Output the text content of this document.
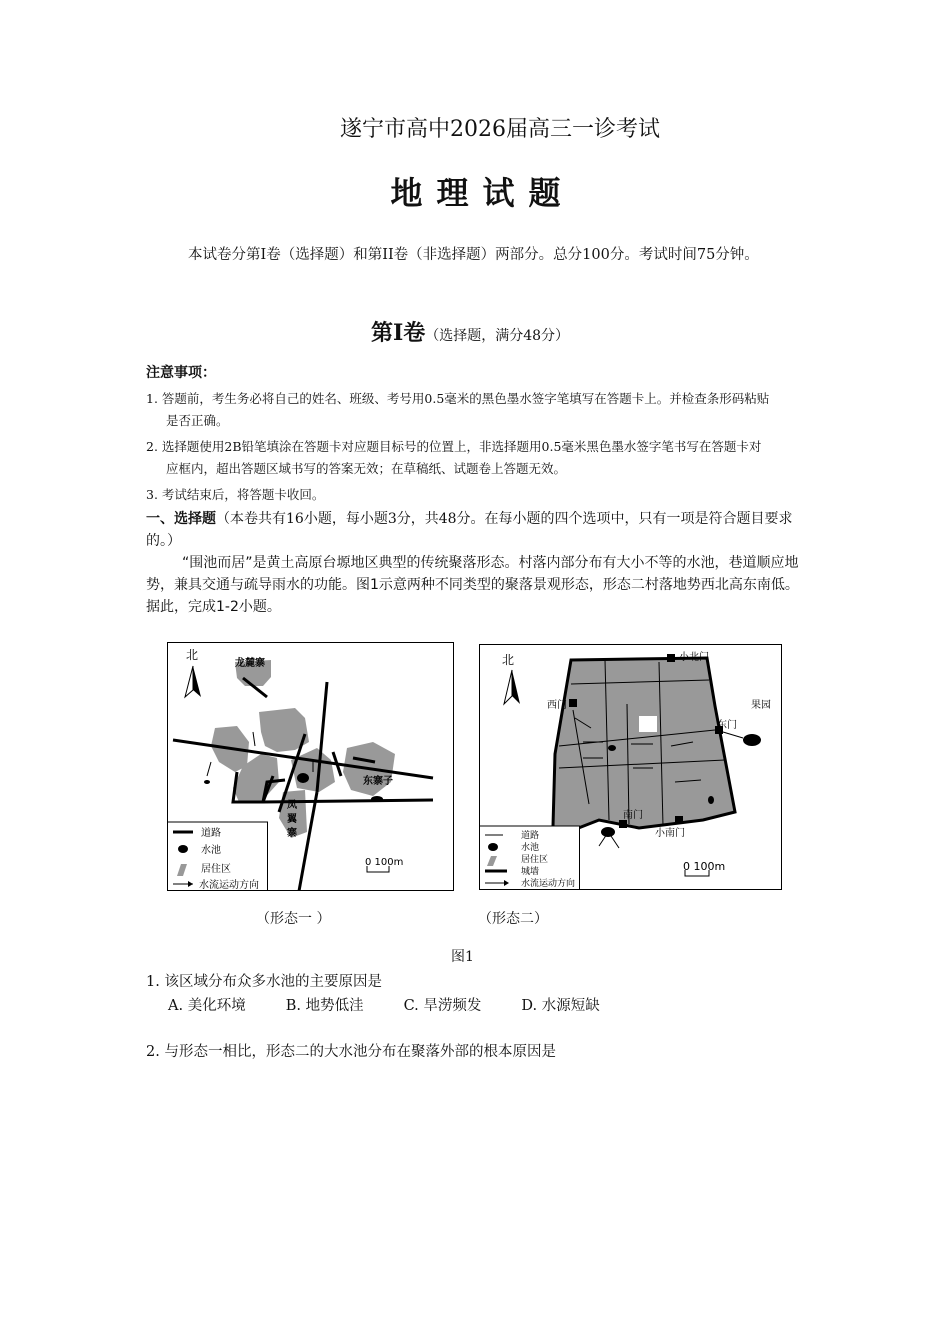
遂宁市高中2026届高三一诊考试
地理试题
本试卷分第Ⅰ卷（选择题）和第II卷（非选择题）两部分。总分100分。考试时间75分钟。
第Ⅰ卷（选择题，满分48分）
注意事项：
1. 答题前，考生务必将自己的姓名、班级、考号用0.5毫米的黑色墨水签字笔填写在答题卡上。并检查条形码粘贴
是否正确。
2. 选择题使用2B铅笔填涂在答题卡对应题目标号的位置上，非选择题用0.5毫米黑色墨水签字笔书写在答题卡对
应框内，超出答题区域书写的答案无效；在草稿纸、试题卷上答题无效。
3. 考试结束后，将答题卡收回。
一、选择题（本卷共有16小题，每小题3分，共48分。在每小题的四个选项中，只有一项是符合题目要求的。）
“围池而居”是黄土高原台塬地区典型的传统聚落形态。村落内部分布有大小不等的水池，巷道顺应地势，兼具交通与疏导雨水的功能。图1示意两种不同类型的聚落景观形态，形态二村落地势西北高东南低。据此，完成1-2小题。
北
龙麓寨
东寨子
凤
翼
寨
道路
水池
居住区
水流运动方向
0 100m
北	小北门
西门
东门
果园
南门
小南门
道路
水池
居住区
城墙
水流运动方向
0 100m
（形态一 ）	（形态二）
图1
1. 该区域分布众多水池的主要原因是
A. 美化环境	B. 地势低洼	C. 旱涝频发	D. 水源短缺
2. 与形态一相比，形态二的大水池分布在聚落外部的根本原因是
